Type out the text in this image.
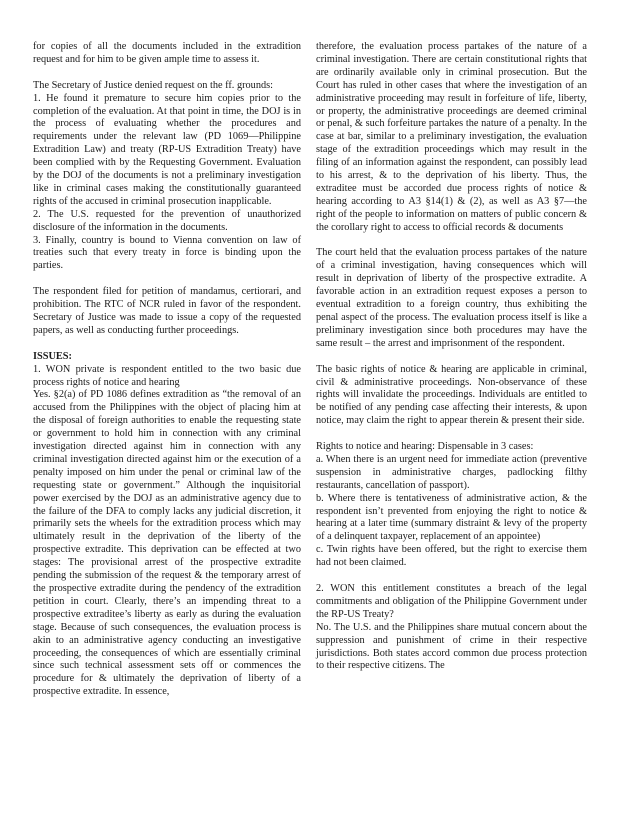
for copies of all the documents included in the extradition request and for him to be given ample time to assess it.

The Secretary of Justice denied request on the ff. grounds:
1. He found it premature to secure him copies prior to the completion of the evaluation. At that point in time, the DOJ is in the process of evaluating whether the procedures and requirements under the relevant law (PD 1069—Philippine Extradition Law) and treaty (RP-US Extradition Treaty) have been complied with by the Requesting Government. Evaluation by the DOJ of the documents is not a preliminary investigation like in criminal cases making the constitutionally guaranteed rights of the accused in criminal prosecution inapplicable.
2. The U.S. requested for the prevention of unauthorized disclosure of the information in the documents.
3. Finally, country is bound to Vienna convention on law of treaties such that every treaty in force is binding upon the parties.

The respondent filed for petition of mandamus, certiorari, and prohibition. The RTC of NCR ruled in favor of the respondent. Secretary of Justice was made to issue a copy of the requested papers, as well as conducting further proceedings.

ISSUES:

1. WON private is respondent entitled to the two basic due process rights of notice and hearing
Yes. §2(a) of PD 1086 defines extradition as “the removal of an accused from the Philippines with the object of placing him at the disposal of foreign authorities to enable the requesting state or government to hold him in connection with any criminal investigation directed against him in connection with any criminal investigation directed against him or the execution of a penalty imposed on him under the penal or criminal law of the requesting state or government.” Although the inquisitorial power exercised by the DOJ as an administrative agency due to the failure of the DFA to comply lacks any judicial discretion, it primarily sets the wheels for the extradition process which may ultimately result in the deprivation of the liberty of the prospective extradite. This deprivation can be effected at two stages: The provisional arrest of the prospective extradite pending the submission of the request & the temporary arrest of the prospective extradite during the pendency of the extradition petition in court. Clearly, there’s an impending threat to a prospective extraditee’s liberty as early as during the evaluation stage. Because of such consequences, the evaluation process is akin to an administrative agency conducting an investigative proceeding, the consequences of which are essentially criminal since such technical assessment sets off or commences the procedure for & ultimately the deprivation of liberty of a prospective extradite. In essence,

therefore, the evaluation process partakes of the nature of a criminal investigation. There are certain constitutional rights that are ordinarily available only in criminal prosecution. But the Court has ruled in other cases that where the investigation of an administrative proceeding may result in forfeiture of life, liberty, or property, the administrative proceedings are deemed criminal or penal, & such forfeiture partakes the nature of a penalty. In the case at bar, similar to a preliminary investigation, the evaluation stage of the extradition proceedings which may result in the filing of an information against the respondent, can possibly lead to his arrest, & to the deprivation of his liberty. Thus, the extraditee must be accorded due process rights of notice & hearing according to A3 §14(1) & (2), as well as A3 §7—the right of the people to information on matters of public concern & the corollary right to access to official records & documents

The court held that the evaluation process partakes of the nature of a criminal investigation, having consequences which will result in deprivation of liberty of the prospective extradite. A favorable action in an extradition request exposes a person to eventual extradition to a foreign country, thus exhibiting the penal aspect of the process. The evaluation process itself is like a preliminary investigation since both procedures may have the same result – the arrest and imprisonment of the respondent.

The basic rights of notice & hearing are applicable in criminal, civil & administrative proceedings. Non-observance of these rights will invalidate the proceedings. Individuals are entitled to be notified of any pending case affecting their interests, & upon notice, may claim the right to appear therein & present their side.

Rights to notice and hearing: Dispensable in 3 cases:
a. When there is an urgent need for immediate action (preventive suspension in administrative charges, padlocking filthy restaurants, cancellation of passport).
b. Where there is tentativeness of administrative action, & the respondent isn’t prevented from enjoying the right to notice & hearing at a later time (summary distraint & levy of the property of a delinquent taxpayer, replacement of an appointee)
c. Twin rights have been offered, but the right to exercise them had not been claimed.

2. WON this entitlement constitutes a breach of the legal commitments and obligation of the Philippine Government under the RP-US Treaty?
No. The U.S. and the Philippines share mutual concern about the suppression and punishment of crime in their respective jurisdictions. Both states accord common due process protection to their respective citizens. The
